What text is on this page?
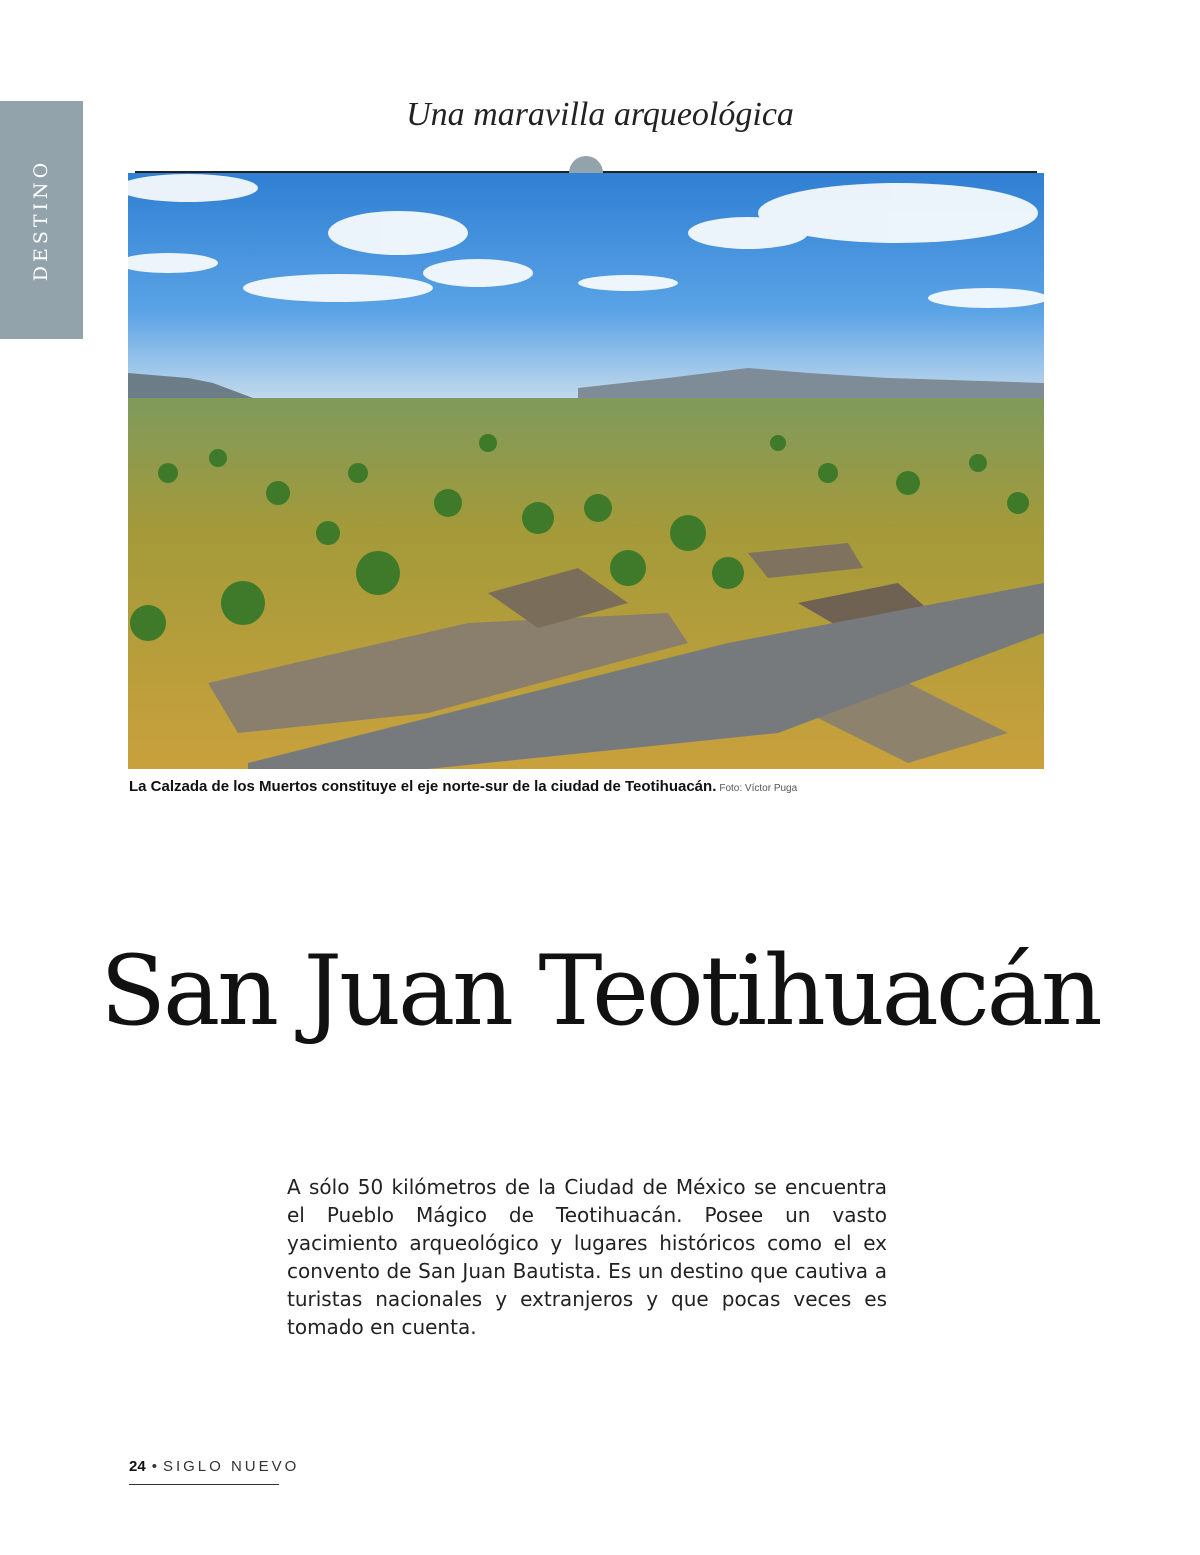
DESTINO
Una maravilla arqueológica
La Calzada de los Muertos constituye el eje norte-sur de la ciudad de Teotihuacán. Foto: Víctor Puga
San Juan Teotihuacán
A sólo 50 kilómetros de la Ciudad de México se encuentra el Pueblo Mágico de Teotihuacán. Posee un vasto yacimiento arqueológico y lugares históricos como el ex convento de San Juan Bautista. Es un destino que cautiva a turistas nacionales y extranjeros y que pocas veces es tomado en cuenta.
24 • SIGLO NUEVO
